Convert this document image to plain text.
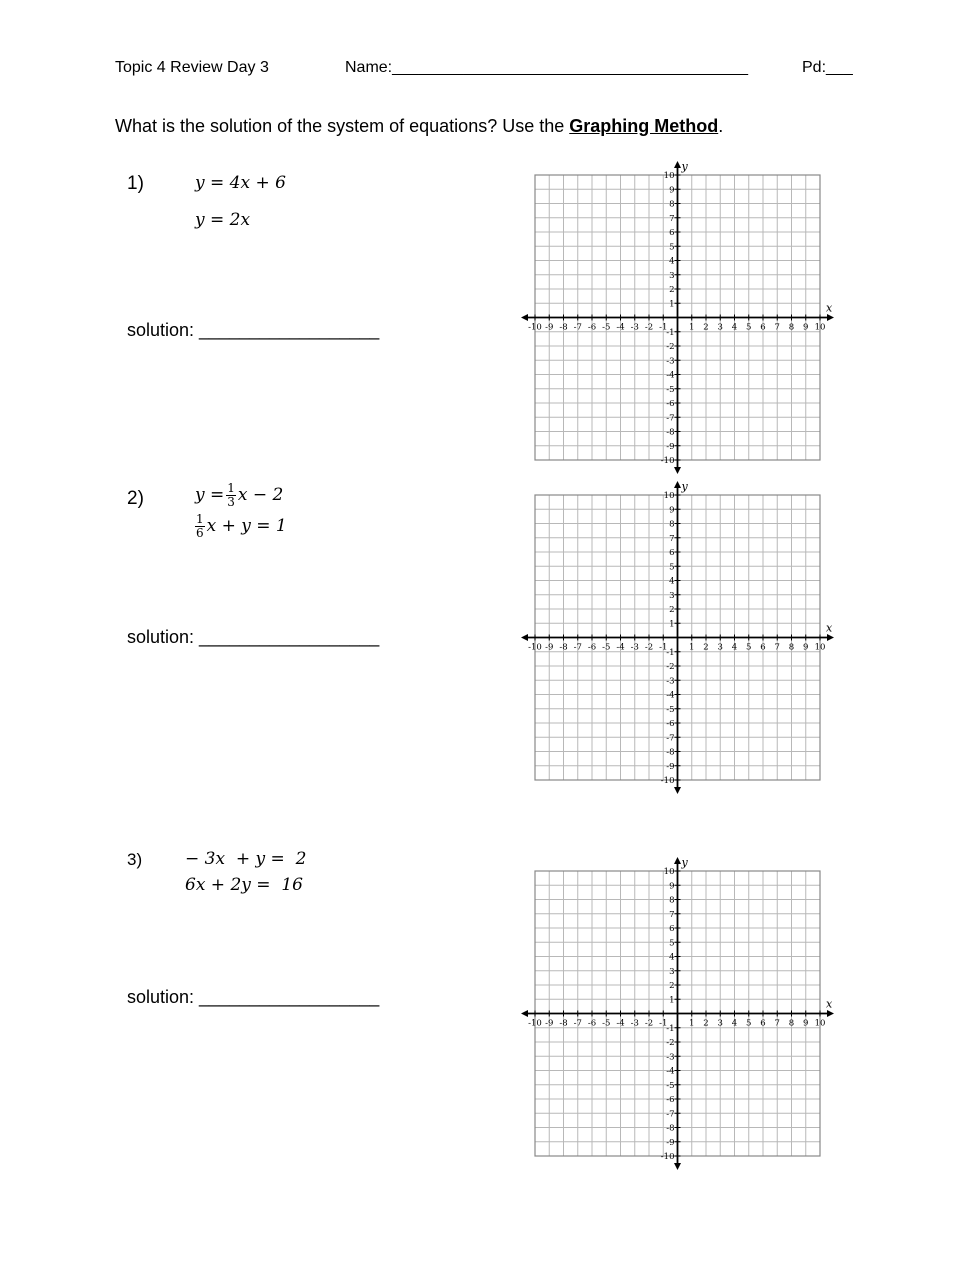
Topic 4 Review Day 3	Name:________________________________________	Pd:___
What is the solution of the system of equations? Use the Graphing Method.
1)	y = 4x + 6
y = 2x
solution: __________________
2)	$y = \frac{1}{3}$ x − 2
$\frac{1}{6}$ x + y = 1
solution: __________________
3)	− 3x  + y =  2
6x + 2y =  16
solution: __________________
-10 -9 -8 -7 -6 -5 -4 -3 -2 -1	1 2 3 4 5 6 7 8 9 10
10
9
8
7
6
5
4
3
2
1
-1
-2
-3
-4
-5
-6
-7
-8
-9
-10
x
y
-10 -9 -8 -7 -6 -5 -4 -3 -2 -1	1 2 3 4 5 6 7 8 9 10
10
9
8
7
6
5
4
3
2
1
-1
-2
-3
-4
-5
-6
-7
-8
-9
-10
x
y
-10 -9 -8 -7 -6 -5 -4 -3 -2 -1	1 2 3 4 5 6 7 8 9 10
10
9
8
7
6
5
4
3
2
1
-1
-2
-3
-4
-5
-6
-7
-8
-9
-10
x
y
